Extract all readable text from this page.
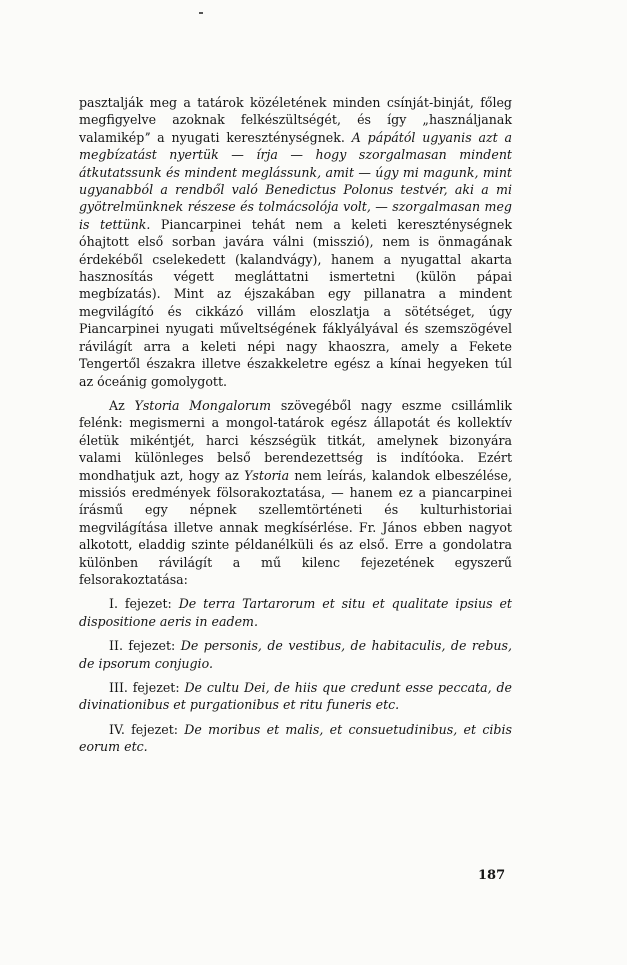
pasztalják meg a tatárok közéletének minden csínját-binját, főleg megfigyelve azoknak felkészültségét, és így „használjanak valamiképˮ a nyugati kereszténységnek. A pápától ugyanis azt a megbízatást nyertük — írja — hogy szorgalmasan mindent átkutatssunk és mindent meglássunk, amit — úgy mi magunk, mint ugyanabból a rendből való Benedictus Polonus testvér, aki a mi gyötrelmünknek részese és tolmácsolója volt, — szorgalmasan meg is tettünk. Piancarpinei tehát nem a keleti kereszténységnek óhajtott első sorban javára válni (misszió), nem is önmagának érdekéből cselekedett (kalandvágy), hanem a nyugattal akarta hasznosítás végett megláttatni ismertetni (külön pápai megbízatás). Mint az éjszakában egy pillanatra a mindent megvilágító és cikkázó villám eloszlatja a sötétséget, úgy Piancarpinei nyugati műveltségének fáklyályával és szemszögével rávilágít arra a keleti népi nagy khaoszra, amely a Fekete Tengertől északra illetve északkeletre egész a kínai hegyeken túl az óceánig gomolygott.

Az Ystoria Mongalorum szövegéből nagy eszme csillámlik felénk: megismerni a mongol-tatárok egész állapotát és kollektív életük mikéntjét, harci készségük titkát, amelynek bizonyára valami különleges belső berendezettség is indítóoka. Ezért mondhatjuk azt, hogy az Ystoria nem leírás, kalandok elbeszélése, missiós eredmények fölsorakoztatása, — hanem ez a piancarpinei írásmű egy népnek szellemtörténeti és kulturhistoriai megvilágítása illetve annak megkísérlése. Fr. János ebben nagyot alkotott, eladdig szinte példanélküli és az első. Erre a gondolatra különben rávilágít a mű kilenc fejezetének egyszerű felsorakoztatása:

I. fejezet: De terra Tartarorum et situ et qualitate ipsius et dispositione aeris in eadem.

II. fejezet: De personis, de vestibus, de habitaculis, de rebus, de ipsorum conjugio.

III. fejezet: De cultu Dei, de hiis que credunt esse peccata, de divinationibus et purgationibus et ritu funeris etc.

IV. fejezet: De moribus et malis, et consuetudinibus, et cibis eorum etc.

187
